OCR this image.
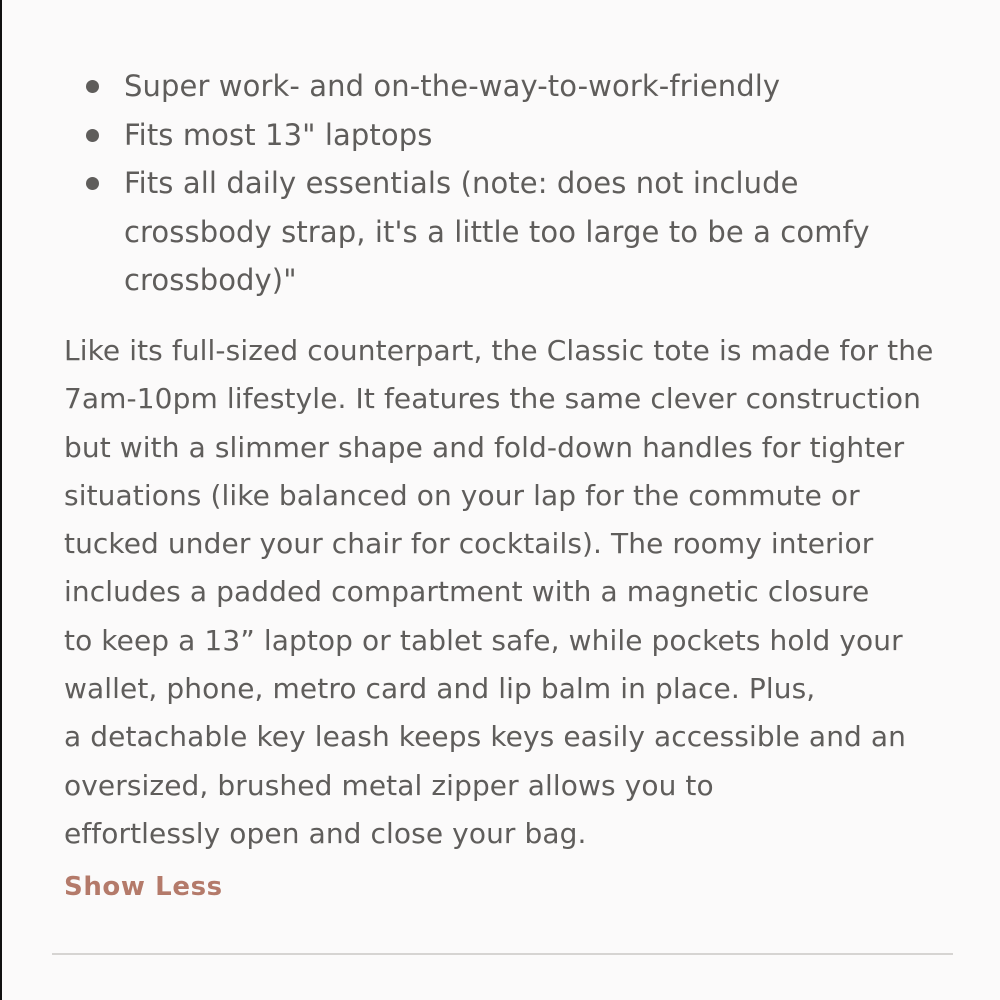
Super work- and on-the-way-to-work-friendly
Fits most 13" laptops
Fits all daily essentials (note: does not include
crossbody strap, it's a little too large to be a comfy
crossbody)"

Like its full-sized counterpart, the Classic tote is made for the
7am-10pm lifestyle. It features the same clever construction
but with a slimmer shape and fold-down handles for tighter
situations (like balanced on your lap for the commute or
tucked under your chair for cocktails). The roomy interior
includes a padded compartment with a magnetic closure
to keep a 13” laptop or tablet safe, while pockets hold your
wallet, phone, metro card and lip balm in place. Plus,
a detachable key leash keeps keys easily accessible and an
oversized, brushed metal zipper allows you to
effortlessly open and close your bag.

Show Less
